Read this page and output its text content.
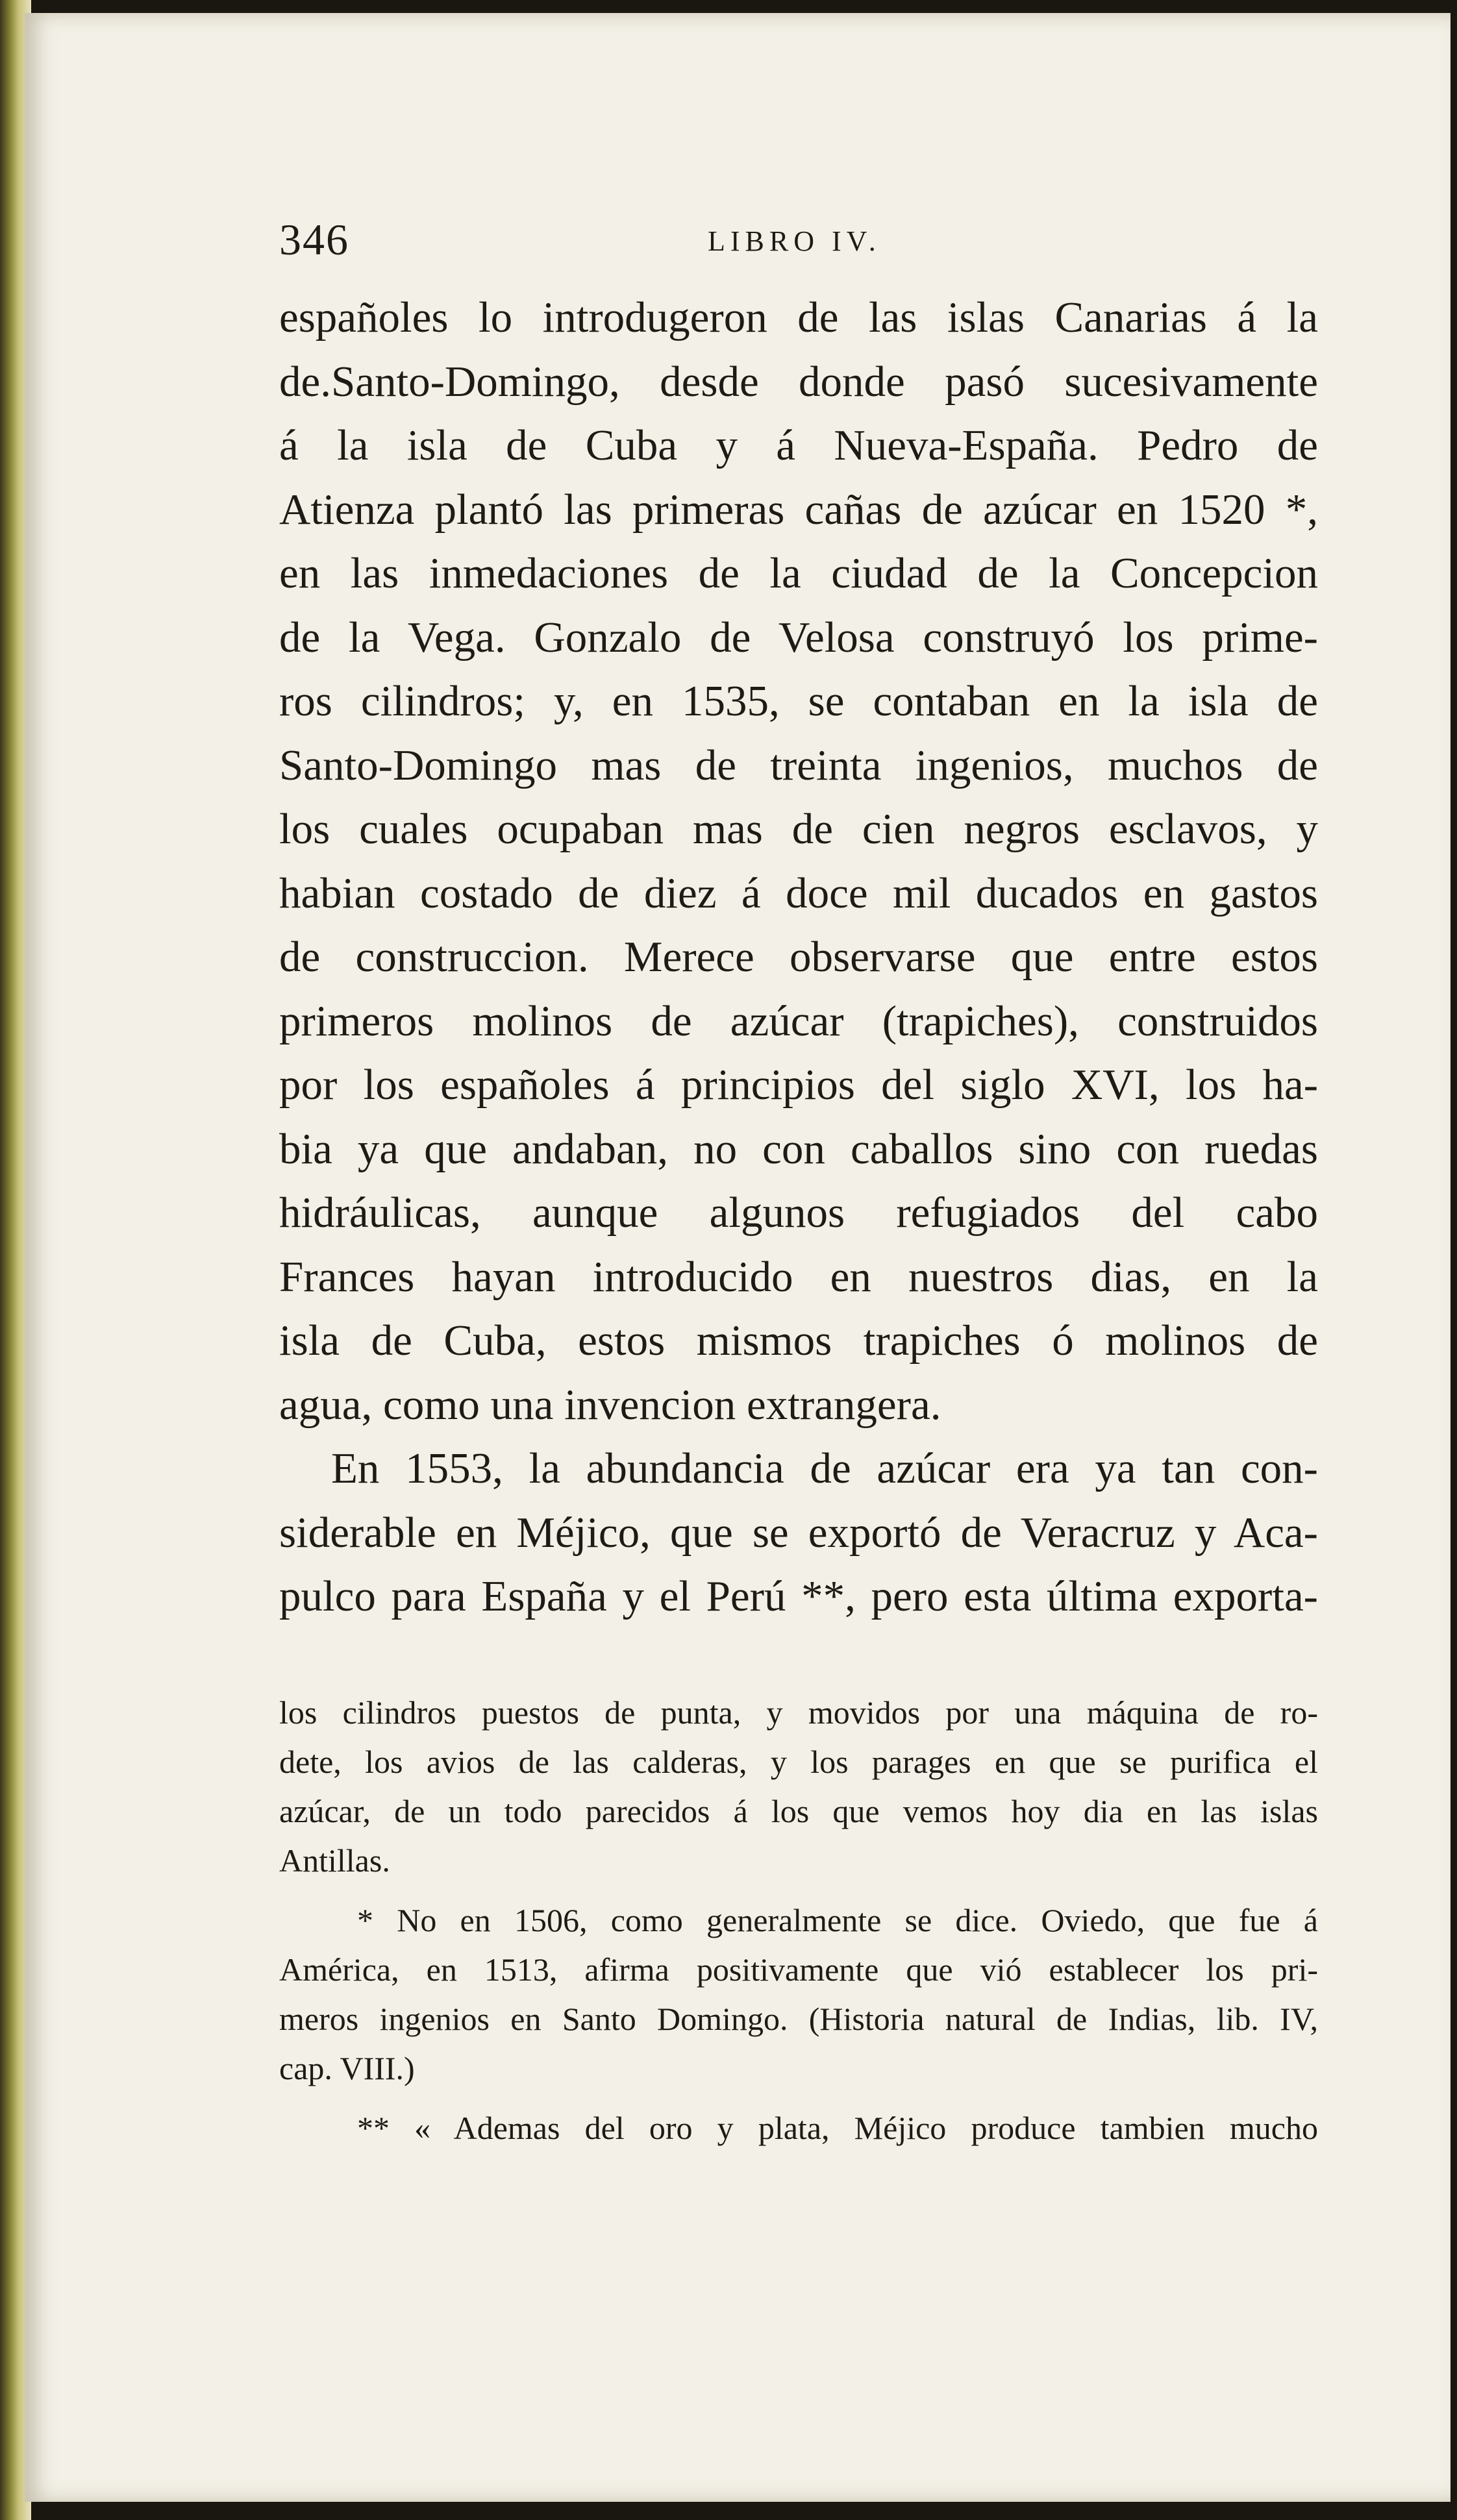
346	LIBRO IV.
españoles lo introdugeron de las islas Canarias á la
de.Santo-Domingo, desde donde pasó sucesivamente
á la isla de Cuba y á Nueva-España. Pedro de
Atienza plantó las primeras cañas de azúcar en 1520 *,
en las inmedaciones de la ciudad de la Concepcion
de la Vega. Gonzalo de Velosa construyó los prime-
ros cilindros; y, en 1535, se contaban en la isla de
Santo-Domingo mas de treinta ingenios, muchos de
los cuales ocupaban mas de cien negros esclavos, y
habian costado de diez á doce mil ducados en gastos
de construccion. Merece observarse que entre estos
primeros molinos de azúcar (trapiches), construidos
por los españoles á principios del siglo XVI, los ha-
bia ya que andaban, no con caballos sino con ruedas
hidráulicas, aunque algunos refugiados del cabo
Frances hayan introducido en nuestros dias, en la
isla de Cuba, estos mismos trapiches ó molinos de
agua, como una invencion extrangera.
En 1553, la abundancia de azúcar era ya tan con-
siderable en Méjico, que se exportó de Veracruz y Aca-
pulco para España y el Perú **, pero esta última exporta-
los cilindros puestos de punta, y movidos por una máquina de ro-
dete, los avios de las calderas, y los parages en que se purifica el
azúcar, de un todo parecidos á los que vemos hoy dia en las islas
Antillas.
* No en 1506, como generalmente se dice. Oviedo, que fue á
América, en 1513, afirma positivamente que vió establecer los pri-
meros ingenios en Santo Domingo. (Historia natural de Indias, lib. IV,
cap. VIII.)
** « Ademas del oro y plata, Méjico produce tambien mucho
